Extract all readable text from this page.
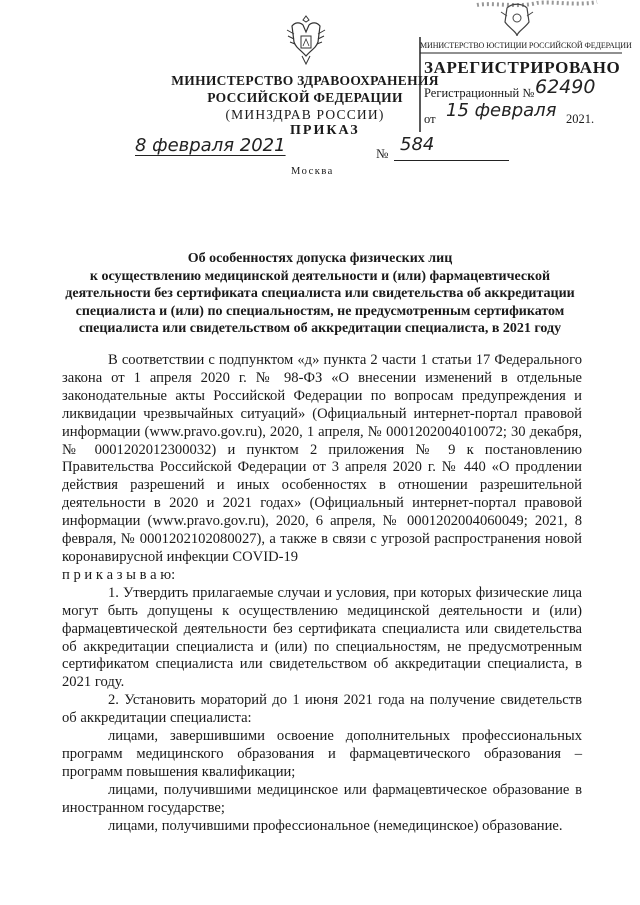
МИНИСТЕРСТВО ЗДРАВООХРАНЕНИЯ
РОССИЙСКОЙ ФЕДЕРАЦИИ
(МИНЗДРАВ РОССИИ)
МИНИСТЕРСТВО ЮСТИЦИИ РОССИЙСКОЙ ФЕДЕРАЦИИ
ЗАРЕГИСТРИРОВАНО
Регистрационный № 62490
от 15 февраля 2021.
ПРИКАЗ
8 февраля 2021	№ 584
Москва
Об особенностях допуска физических лиц
к осуществлению медицинской деятельности и (или) фармацевтической
деятельности без сертификата специалиста или свидетельства об аккредитации
специалиста и (или) по специальностям, не предусмотренным сертификатом
специалиста или свидетельством об аккредитации специалиста, в 2021 году

В соответствии с подпунктом «д» пункта 2 части 1 статьи 17 Федерального закона от 1 апреля 2020 г. № 98-ФЗ «О внесении изменений в отдельные законодательные акты Российской Федерации по вопросам предупреждения и ликвидации чрезвычайных ситуаций» (Официальный интернет-портал правовой информации (www.pravo.gov.ru), 2020, 1 апреля, № 0001202004010072; 30 декабря, № 0001202012300032) и пунктом 2 приложения № 9 к постановлению Правительства Российской Федерации от 3 апреля 2020 г. № 440 «О продлении действия разрешений и иных особенностях в отношении разрешительной деятельности в 2020 и 2021 годах» (Официальный интернет-портал правовой информации (www.pravo.gov.ru), 2020, 6 апреля, № 0001202004060049; 2021, 8 февраля, № 0001202102080027), а также в связи с угрозой распространения новой коронавирусной инфекции COVID-19

п р и к а з ы в а ю:

1. Утвердить прилагаемые случаи и условия, при которых физические лица могут быть допущены к осуществлению медицинской деятельности и (или) фармацевтической деятельности без сертификата специалиста или свидетельства об аккредитации специалиста и (или) по специальностям, не предусмотренным сертификатом специалиста или свидетельством об аккредитации специалиста, в 2021 году.

2. Установить мораторий до 1 июня 2021 года на получение свидетельств об аккредитации специалиста:

лицами, завершившими освоение дополнительных профессиональных программ медицинского образования и фармацевтического образования – программ повышения квалификации;

лицами, получившими медицинское или фармацевтическое образование в иностранном государстве;

лицами, получившими профессиональное (немедицинское) образование.
